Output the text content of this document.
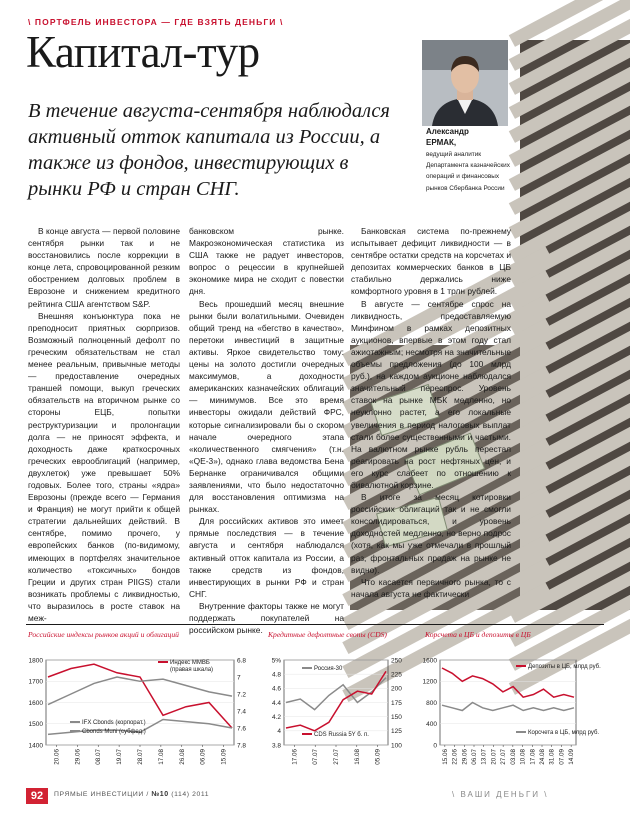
\ ПОРТФЕЛЬ ИНВЕСТОРА — ГДЕ ВЗЯТЬ ДЕНЬГИ \
Капитал-тур
В течение августа-сентября наблюдался активный отток капитала из России, а также из фондов, инвестирующих в рынки РФ и стран СНГ.
Александр
ЕРМАК,
ведущий аналитик Департамента казначейских операций и финансовых рынков Сбербанка России

В конце августа — первой половине сентября рынки так и не восстановились после коррекции в конце лета, спровоцированной резким обострением долговых проблем в Еврозоне и снижением кредитного рейтинга США агентством S&P.

Внешняя конъюнктура пока не преподносит приятных сюрпризов. Возможный полноценный дефолт по греческим обязательствам не стал менее реальным, привычные методы — предоставление очередных траншей помощи, выкуп греческих обязательств на вторичном рынке со стороны ЕЦБ, попытки реструктуризации и пролонгации долга — не приносят эффекта, и доходность даже краткосрочных греческих еврооблигаций (например, двухлеток) уже превышает 50% годовых. Более того, страны «ядра» Еврозоны (прежде всего — Германия и Франция) не могут прийти к общей стратегии дальнейших действий. В сентябре, помимо прочего, у европейских банков (по-видимому, имеющих в портфелях значительное количество «токсичных» бондов Греции и других стран PIIGS) стали возникать проблемы с ликвидностью, что выразилось в росте ставок на меж-

банковском рынке. Макроэкономическая статистика из США также не радует инвесторов, вопрос о рецессии в крупнейшей экономике мира не сходит с повестки дня.

Весь прошедший месяц внешние рынки были волатильными. Очевиден общий тренд на «бегство в качество», перетоки инвестиций в защитные активы. Яркое свидетельство тому: цены на золото достигли очередных максимумов, а доходности американских казначейских облигаций — минимумов. Все это время инвесторы ожидали действий ФРС, которые сигнализировали бы о скором начале очередного этапа «количественного смягчения» (т.н. «QE-3»), однако глава ведомства Бена Бернанке ограничивался общими заявлениями, что было недостаточно для восстановления оптимизма на рынках.

Для российских активов это имеет прямые последствия — в течение августа и сентября наблюдался активный отток капитала из России, а также средств из фондов, инвестирующих в рынки РФ и стран СНГ.

Внутренние факторы также не могут поддержать покупателей на российском рынке.

Банковская система по-прежнему испытывает дефицит ликвидности — в сентябре остатки средств на корсчетах и депозитах коммерческих банков в ЦБ стабильно держались ниже комфортного уровня в 1 трлн рублей.

В августе — сентябре спрос на ликвидность, предоставляемую Минфином в рамках депозитных аукционов, впервые в этом году стал ажиотажным; несмотря на значительные объемы предложения (до 100 млрд руб.), на каждом аукционе наблюдался значительный переспрос. Уровень ставок на рынке МБК медленно, но неуклонно растет, а его локальные увеличения в период налоговых выплат стали более существенными и частыми. На валютном рынке рубль перестал реагировать на рост нефтяных цен, и его курс слабеет по отношению к бивалютной корзине.

В итоге за месяц котировки российских облигаций так и не смогли консолидироваться, и уровень доходностей медленно, но верно подрос (хотя, как мы уже отмечали в прошлый раз, фронтальных продаж на рынке не видно).

Что касается первичного рынка, то с начала августа не фактически

Российские индексы рынков акций и облигаций	Кредитные дефолтные свопы (CDS)	Корсчета в ЦБ и депозиты в ЦБ
1400
1500
1600
1700
1800	6.8
7
7.2
7.4
7.6
7.8
20.06 29.06 08.07 19.07 28.07 17.08 26.08 06.09 15.09
Индекс ММВБ
(правая шкала)
IFX Cbonds (корпорат.)
Cbonds Muni (субфед.)
3.8
4
4.2
4.4
4.6
4.8
5%
100
125
150
175
200
225
250
17.06 07.07 27.07 16.08 05.09
Россия-30
CDS Russia 5Y б. п.
0
400
800
1200
1600
15.06 22.06 29.06 06.07 13.07 20.07 27.07 03.08 10.08 17.08 24.08 31.08 07.09 14.09
Депозиты в ЦБ, млрд руб.
Корсчета в ЦБ, млрд руб.
92	ПРЯМЫЕ ИНВЕСТИЦИИ / №10 (114) 2011	\ ВАШИ ДЕНЬГИ \
